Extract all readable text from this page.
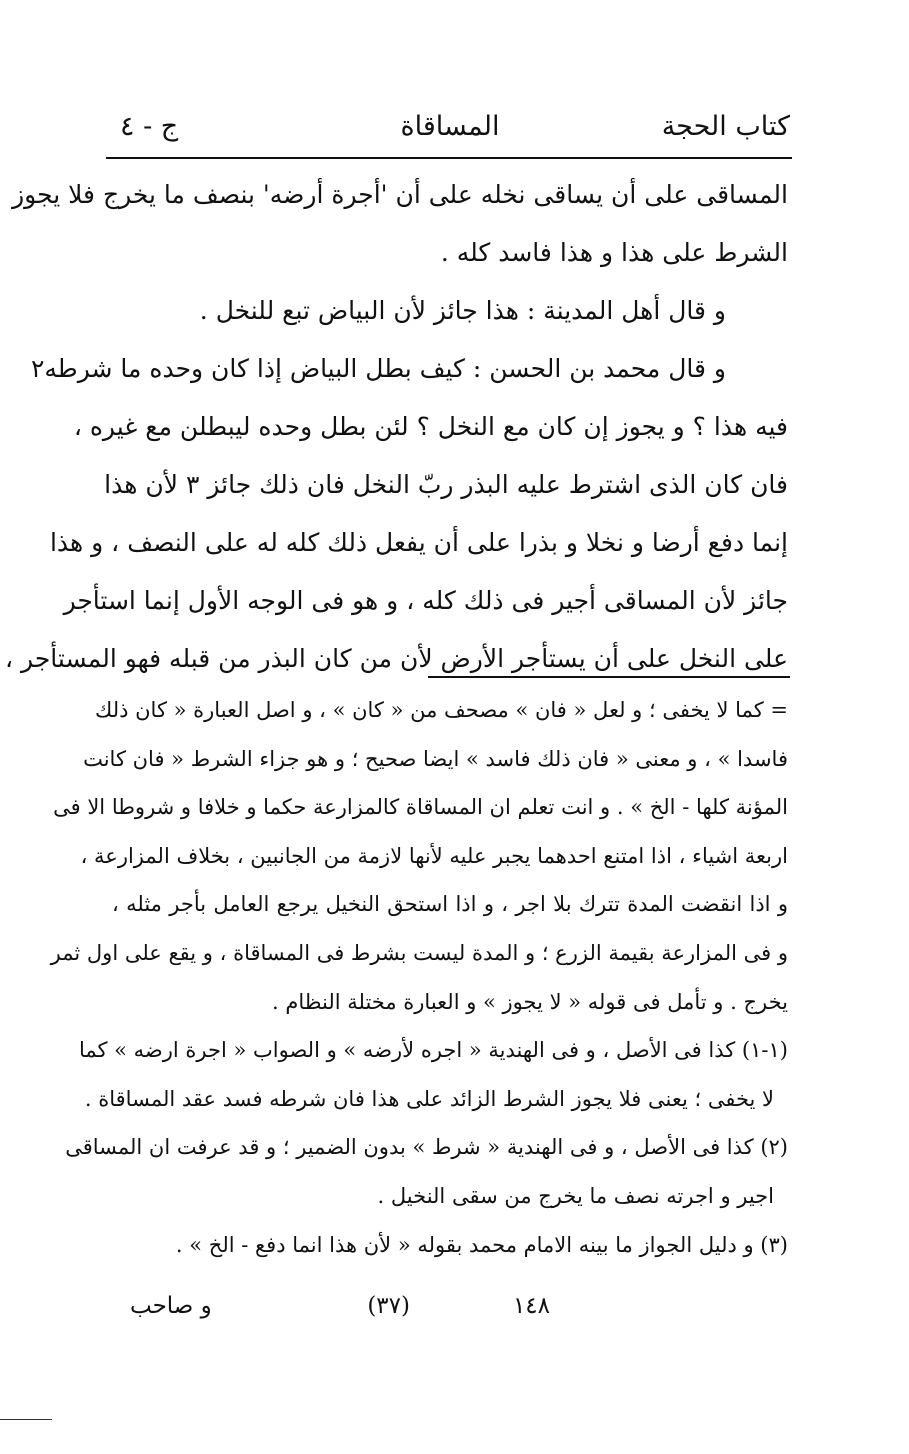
كتاب الحجة
المساقاة
ج - ٤
المساقى على أن يساقى نخله على أن '‏أجرة أرضه' بنصف ما يخرج فلا يجوز
الشرط على هذا و هذا فاسد كله .
و قال أهل المدينة : هذا جائز لأن البياض تبع للنخل .
و قال محمد بن الحسن : كيف بطل البياض إذا كان وحده ما شرطه٢
فيه هذا ؟ و يجوز إن كان مع النخل ؟ لئن بطل وحده ليبطلن مع غيره ،
فان كان الذى اشترط عليه البذر ربّ النخل فان ذلك جائز ٣ لأن هذا
إنما دفع أرضا و نخلا و بذرا على أن يفعل ذلك كله له على النصف ، و هذا
جائز لأن المساقى أجير فى ذلك كله ، و هو فى الوجه الأول إنما استأجر
على النخل على أن يستأجر الأرض لأن من كان البذر من قبله فهو المستأجر ،
= كما لا يخفى ؛ و لعل « فان » مصحف من « كان » ، و اصل العبارة « كان ذلك
فاسدا » ، و معنى « فان ذلك فاسد » ايضا صحيح ؛ و هو جزاء الشرط « فان كانت
المؤنة كلها - الخ » . و انت تعلم ان المساقاة كالمزارعة حكما و خلافا و شروطا الا فى
اربعة اشياء ، اذا امتنع احدهما يجبر عليه لأنها لازمة من الجانبين ، بخلاف المزارعة ،
و اذا انقضت المدة تترك بلا اجر ، و اذا استحق النخيل يرجع العامل بأجر مثله ،
و فى المزارعة بقيمة الزرع ؛ و المدة ليست بشرط فى المساقاة ، و يقع على اول ثمر
يخرج . و تأمل فى قوله « لا يجوز » و العبارة مختلة النظام .
(١-١) كذا فى الأصل ، و فى الهندية « اجره لأرضه » و الصواب « اجرة ارضه » كما
لا يخفى ؛ يعنى فلا يجوز الشرط الزائد على هذا فان شرطه فسد عقد المساقاة .
(٢) كذا فى الأصل ، و فى الهندية « شرط » بدون الضمير ؛ و قد عرفت ان المساقى
اجير و اجرته نصف ما يخرج من سقى النخيل .
(٣) و دليل الجواز ما بينه الامام محمد بقوله « لأن هذا انما دفع - الخ » .
١٤٨
(٣٧)
و صاحب
